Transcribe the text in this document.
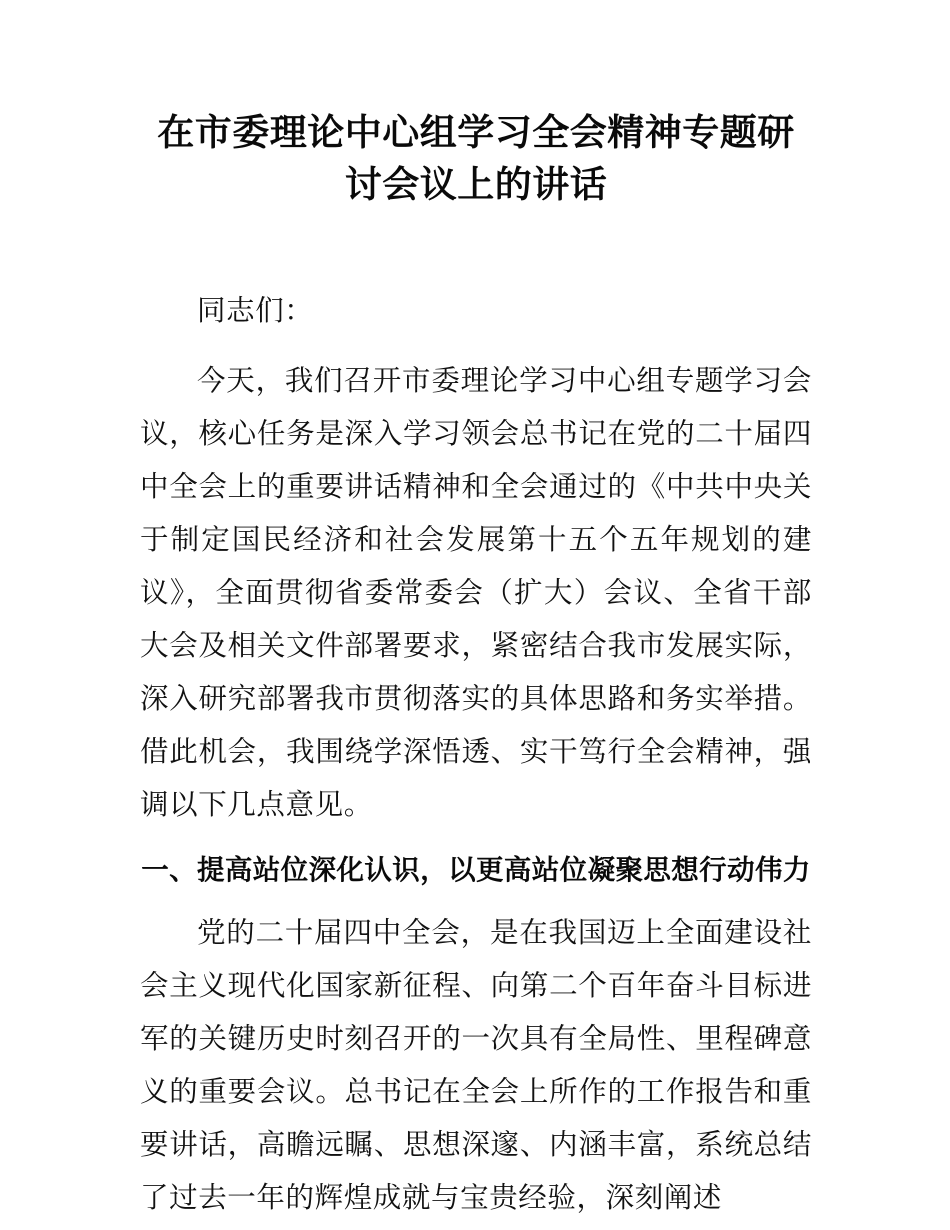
在市委理论中心组学习全会精神专题研讨会议上的讲话

同志们：

今天，我们召开市委理论学习中心组专题学习会议，核心任务是深入学习领会总书记在党的二十届四中全会上的重要讲话精神和全会通过的《中共中央关于制定国民经济和社会发展第十五个五年规划的建议》，全面贯彻省委常委会（扩大）会议、全省干部大会及相关文件部署要求，紧密结合我市发展实际，深入研究部署我市贯彻落实的具体思路和务实举措。借此机会，我围绕学深悟透、实干笃行全会精神，强调以下几点意见。

一、提高站位深化认识，以更高站位凝聚思想行动伟力

党的二十届四中全会，是在我国迈上全面建设社会主义现代化国家新征程、向第二个百年奋斗目标进军的关键历史时刻召开的一次具有全局性、里程碑意义的重要会议。总书记在全会上所作的工作报告和重要讲话，高瞻远瞩、思想深邃、内涵丰富，系统总结了过去一年的辉煌成就与宝贵经验，深刻阐述
